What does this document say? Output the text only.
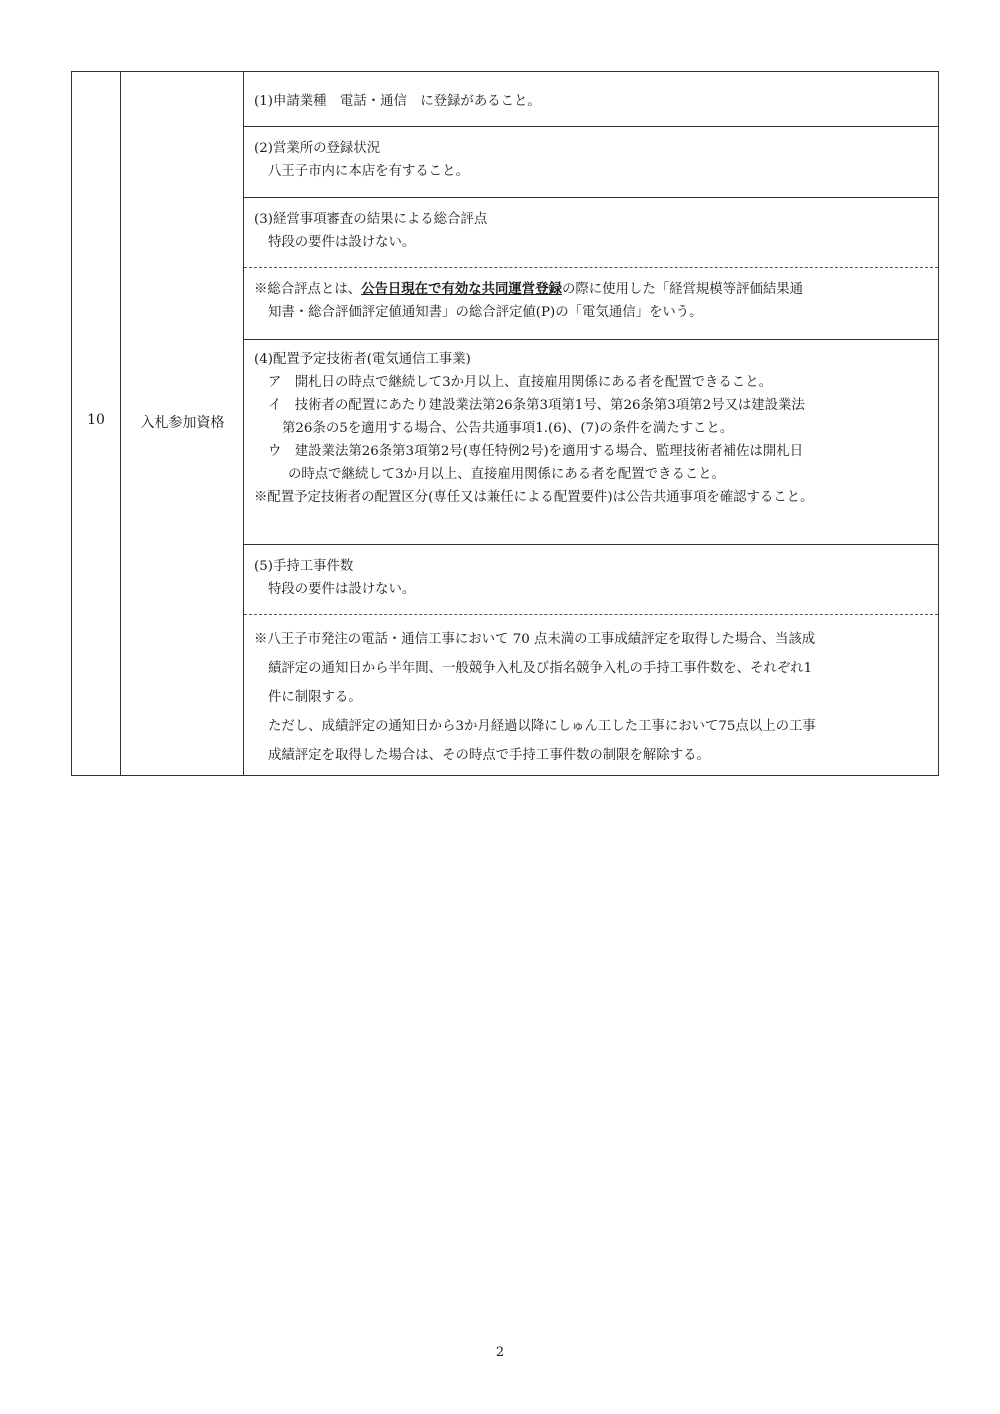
10	入札参加資格
(1)申請業種　電話・通信　に登録があること。
(2)営業所の登録状況
八王子市内に本店を有すること。
(3)経営事項審査の結果による総合評点
特段の要件は設けない。
※総合評点とは、公告日現在で有効な共同運営登録の際に使用した「経営規模等評価結果通
知書・総合評価評定値通知書」の総合評定値(P)の「電気通信」をいう。
(4)配置予定技術者(電気通信工事業)
ア　開札日の時点で継続して3か月以上、直接雇用関係にある者を配置できること。
イ　技術者の配置にあたり建設業法第26条第3項第1号、第26条第3項第2号又は建設業法
第26条の5を適用する場合、公告共通事項1.(6)、(7)の条件を満たすこと。
ウ　建設業法第26条第3項第2号(専任特例2号)を適用する場合、監理技術者補佐は開札日
の時点で継続して3か月以上、直接雇用関係にある者を配置できること。
※配置予定技術者の配置区分(専任又は兼任による配置要件)は公告共通事項を確認すること。
(5)手持工事件数
特段の要件は設けない。
※八王子市発注の電話・通信工事において 70 点未満の工事成績評定を取得した場合、当該成
績評定の通知日から半年間、一般競争入札及び指名競争入札の手持工事件数を、それぞれ1
件に制限する。
ただし、成績評定の通知日から3か月経過以降にしゅん工した工事において75点以上の工事
成績評定を取得した場合は、その時点で手持工事件数の制限を解除する。
2
